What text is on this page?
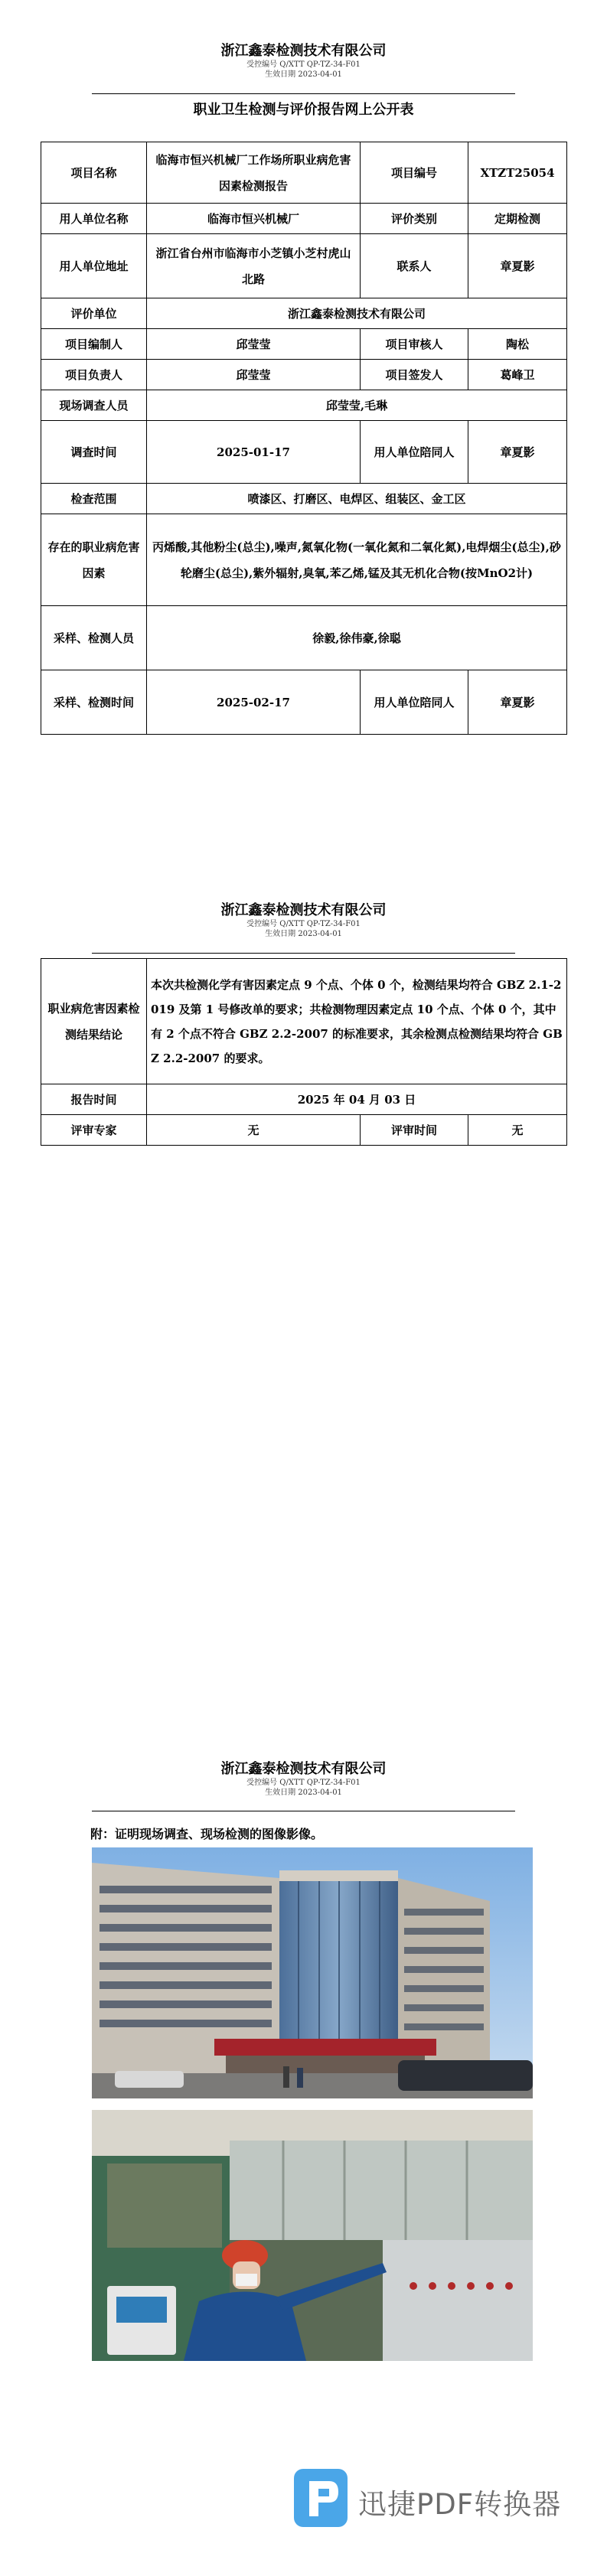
浙江鑫泰检测技术有限公司
受控编号 Q/XTT QP-TZ-34-F01
生效日期 2023-04-01
职业卫生检测与评价报告网上公开表
项目名称	临海市恒兴机械厂工作场所职业病危害因素检测报告	项目编号	XTZT25054
用人单位名称	临海市恒兴机械厂	评价类别	定期检测
用人单位地址	浙江省台州市临海市小芝镇小芝村虎山北路	联系人	章夏影
评价单位	浙江鑫泰检测技术有限公司		
项目编制人	邱莹莹	项目审核人	陶松
项目负责人	邱莹莹	项目签发人	葛峰卫
现场调查人员	邱莹莹,毛琳		
调查时间	2025-01-17	用人单位陪同人	章夏影
检查范围	喷漆区、打磨区、电焊区、组装区、金工区		
存在的职业病危害因素	丙烯酸,其他粉尘(总尘),噪声,氮氧化物(一氧化氮和二氧化氮),电焊烟尘(总尘),砂轮磨尘(总尘),紫外辐射,臭氧,苯乙烯,锰及其无机化合物(按MnO2计)		
采样、检测人员	徐毅,徐伟豪,徐聪		
采样、检测时间	2025-02-17	用人单位陪同人	章夏影
浙江鑫泰检测技术有限公司
受控编号 Q/XTT QP-TZ-34-F01
生效日期 2023-04-01
职业病危害因素检测结果结论	本次共检测化学有害因素定点 9 个点、个体 0 个，检测结果均符合 GBZ 2.1-2019 及第 1 号修改单的要求；共检测物理因素定点 10 个点、个体 0 个，其中有 2 个点不符合 GBZ 2.2-2007 的标准要求，其余检测点检测结果均符合 GBZ 2.2-2007 的要求。		
报告时间	2025 年 04 月 03 日		
评审专家	无	评审时间	无
浙江鑫泰检测技术有限公司
受控编号 Q/XTT QP-TZ-34-F01
生效日期 2023-04-01
附：证明现场调查、现场检测的图像影像。
迅捷PDF转换器
